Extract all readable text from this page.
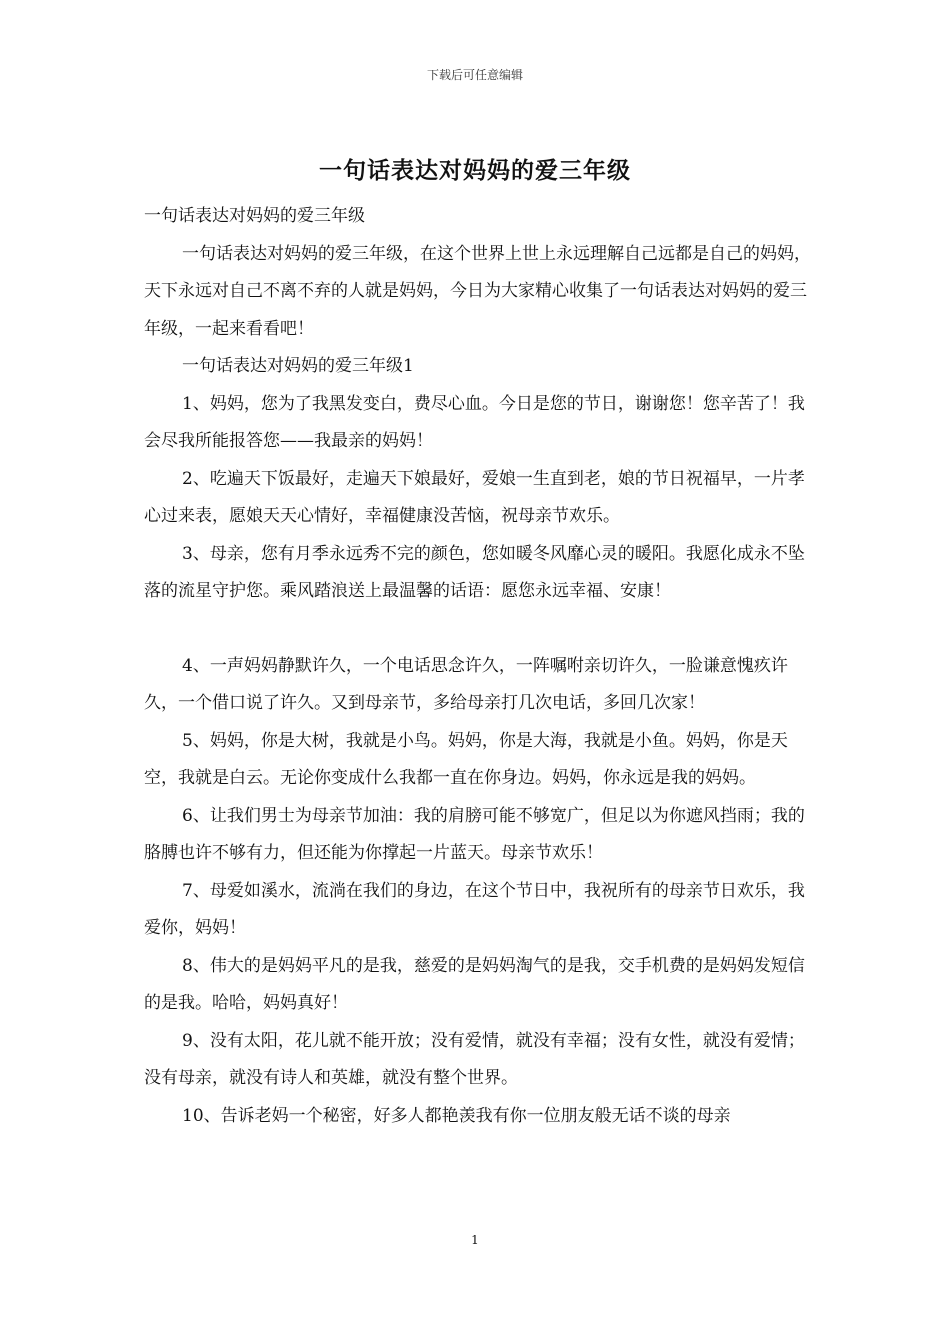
下载后可任意编辑
一句话表达对妈妈的爱三年级

一句话表达对妈妈的爱三年级

一句话表达对妈妈的爱三年级，在这个世界上世上永远理解自己远都是自己的妈妈，天下永远对自己不离不弃的人就是妈妈，今日为大家精心收集了一句话表达对妈妈的爱三年级，一起来看看吧！

一句话表达对妈妈的爱三年级1

1、妈妈，您为了我黑发变白，费尽心血。今日是您的节日，谢谢您！您辛苦了！我会尽我所能报答您——我最亲的妈妈！

2、吃遍天下饭最好，走遍天下娘最好，爱娘一生直到老，娘的节日祝福早，一片孝心过来表，愿娘天天心情好，幸福健康没苦恼，祝母亲节欢乐。

3、母亲，您有月季永远秀不完的颜色，您如暖冬风靡心灵的暖阳。我愿化成永不坠落的流星守护您。乘风踏浪送上最温馨的话语：愿您永远幸福、安康！

4、一声妈妈静默许久，一个电话思念许久，一阵嘱咐亲切许久，一脸谦意愧疚许久，一个借口说了许久。又到母亲节，多给母亲打几次电话，多回几次家！

5、妈妈，你是大树，我就是小鸟。妈妈，你是大海，我就是小鱼。妈妈，你是天空，我就是白云。无论你变成什么我都一直在你身边。妈妈，你永远是我的妈妈。

6、让我们男士为母亲节加油：我的肩膀可能不够宽广，但足以为你遮风挡雨；我的胳膊也许不够有力，但还能为你撑起一片蓝天。母亲节欢乐！

7、母爱如溪水，流淌在我们的身边，在这个节日中，我祝所有的母亲节日欢乐，我爱你，妈妈！

8、伟大的是妈妈平凡的是我，慈爱的是妈妈淘气的是我，交手机费的是妈妈发短信的是我。哈哈，妈妈真好！

9、没有太阳，花儿就不能开放；没有爱情，就没有幸福；没有女性，就没有爱情；没有母亲，就没有诗人和英雄，就没有整个世界。

10、告诉老妈一个秘密，好多人都艳羡我有你一位朋友般无话不谈的母亲

1
